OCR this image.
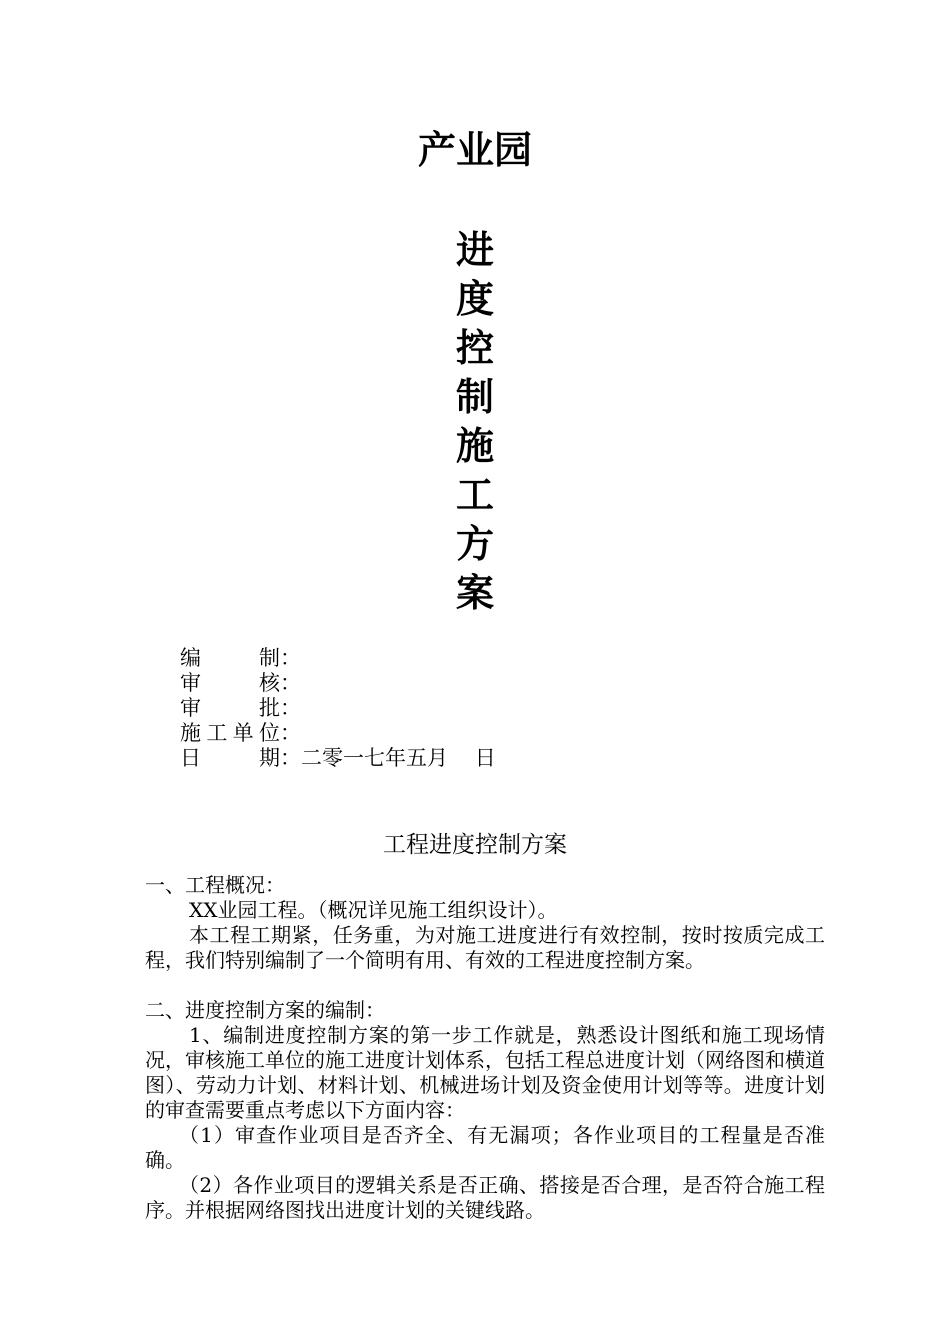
产业园
进
度
控
制
施
工
方
案
编	制 ：
审	核 ：
审	批 ：
施 工 单 位 ：
日	期 ： 二零一七年五月    日
工程进度控制方案

一、工程概况：

XX业园工程。（概况详见施工组织设计）。

本工程工期紧，任务重，为对施工进度进行有效控制，按时按质完成工程，我们特别编制了一个简明有用、有效的工程进度控制方案。

二、进度控制方案的编制：

1、编制进度控制方案的第一步工作就是，熟悉设计图纸和施工现场情况，审核施工单位的施工进度计划体系，包括工程总进度计划（网络图和横道图）、劳动力计划、材料计划、机械进场计划及资金使用计划等等。进度计划的审查需要重点考虑以下方面内容：

（1）审查作业项目是否齐全、有无漏项；各作业项目的工程量是否准确。

（2）各作业项目的逻辑关系是否正确、搭接是否合理，是否符合施工程序。并根据网络图找出进度计划的关键线路。
